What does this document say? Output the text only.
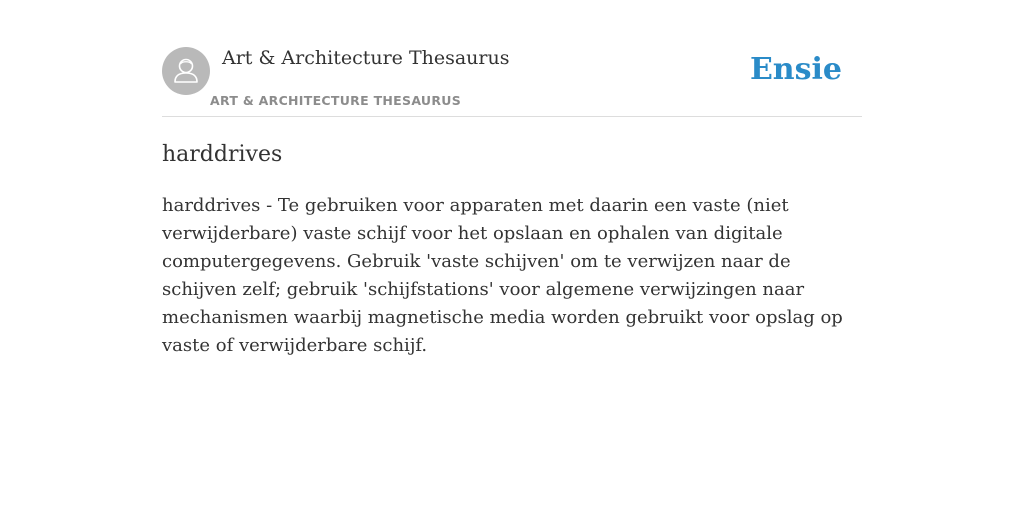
Art & Architecture Thesaurus
ART & ARCHITECTURE THESAURUS
Ensie
harddrives

harddrives - Te gebruiken voor apparaten met daarin een vaste (niet verwijderbare) vaste schijf voor het opslaan en ophalen van digitale computergegevens. Gebruik 'vaste schijven' om te verwijzen naar de schijven zelf; gebruik 'schijfstations' voor algemene verwijzingen naar mechanismen waarbij magnetische media worden gebruikt voor opslag op vaste of verwijderbare schijf.
